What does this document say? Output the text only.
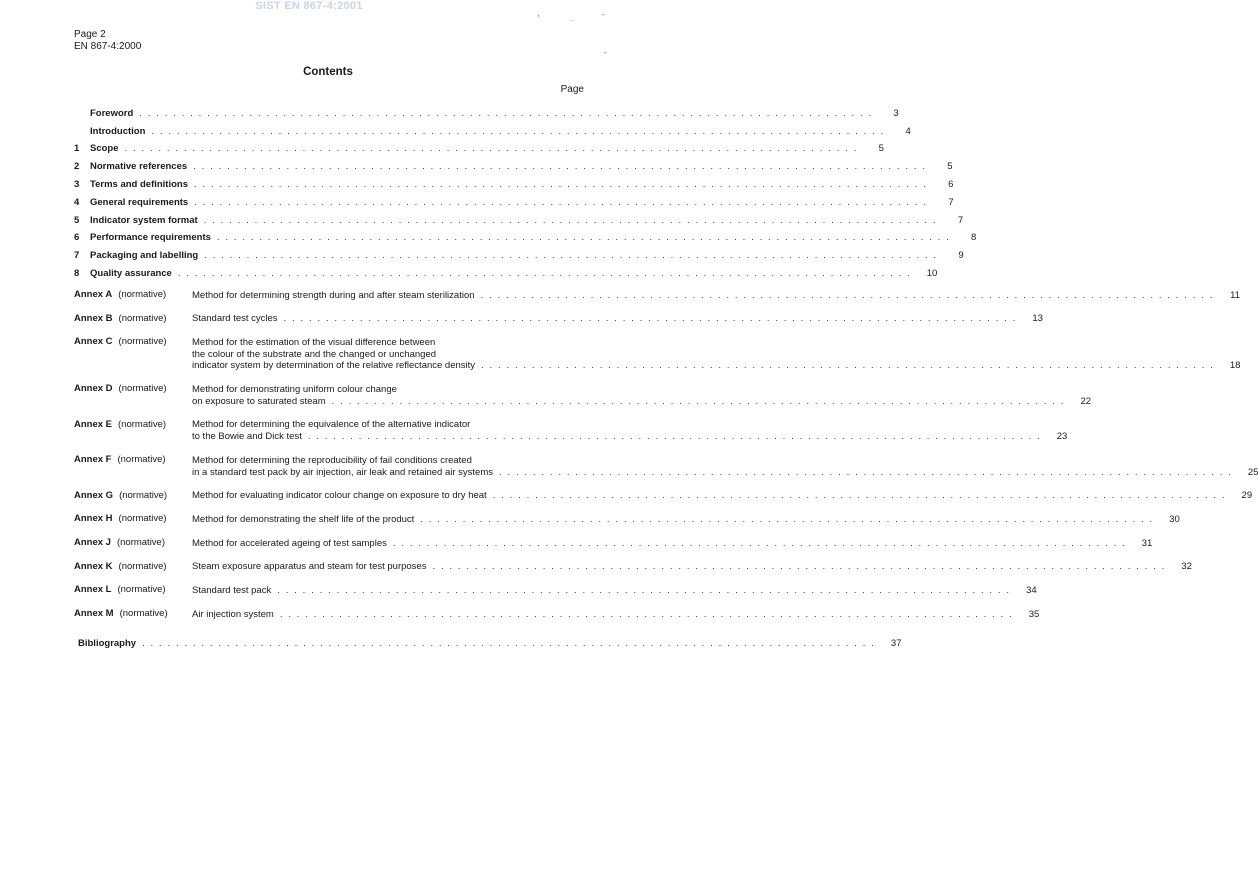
SIST EN 867-4:2001
'	.	-
-
Page 2
EN 867-4:2000
Contents
Page
Foreword . . . . . . . . . . . . . . . . . . . . . . . . . . . . . . . . . . . . . . . . . . . . . . . . . . . . . . . . . . . . . . . . . . . . . . . . . . . . . . . . . . . . . . .	3
Introduction . . . . . . . . . . . . . . . . . . . . . . . . . . . . . . . . . . . . . . . . . . . . . . . . . . . . . . . . . . . . . . . . . . . . . . . . . . . . . . . . . . . . . . .	4
1	Scope . . . . . . . . . . . . . . . . . . . . . . . . . . . . . . . . . . . . . . . . . . . . . . . . . . . . . . . . . . . . . . . . . . . . . . . . . . . . . . . . . . . . . . .	5
2	Normative references . . . . . . . . . . . . . . . . . . . . . . . . . . . . . . . . . . . . . . . . . . . . . . . . . . . . . . . . . . . . . . . . . . . . . . . . . . . . . . . . . . . . . . .	5
3	Terms and definitions . . . . . . . . . . . . . . . . . . . . . . . . . . . . . . . . . . . . . . . . . . . . . . . . . . . . . . . . . . . . . . . . . . . . . . . . . . . . . . . . . . . . . . .	6
4	General requirements . . . . . . . . . . . . . . . . . . . . . . . . . . . . . . . . . . . . . . . . . . . . . . . . . . . . . . . . . . . . . . . . . . . . . . . . . . . . . . . . . . . . . . .	7
5	Indicator system format . . . . . . . . . . . . . . . . . . . . . . . . . . . . . . . . . . . . . . . . . . . . . . . . . . . . . . . . . . . . . . . . . . . . . . . . . . . . . . . . . . . . . . .	7
6	Performance requirements . . . . . . . . . . . . . . . . . . . . . . . . . . . . . . . . . . . . . . . . . . . . . . . . . . . . . . . . . . . . . . . . . . . . . . . . . . . . . . . . . . . . . . .	8
7	Packaging and labelling . . . . . . . . . . . . . . . . . . . . . . . . . . . . . . . . . . . . . . . . . . . . . . . . . . . . . . . . . . . . . . . . . . . . . . . . . . . . . . . . . . . . . . .	9
8	Quality assurance . . . . . . . . . . . . . . . . . . . . . . . . . . . . . . . . . . . . . . . . . . . . . . . . . . . . . . . . . . . . . . . . . . . . . . . . . . . . . . . . . . . . . . .	10
Annex A (normative)	Method for determining strength during and after steam sterilization . . . . . . . . . . . . . . . . . . . . . . . . . . . . . . . . . . . . . . . . . . . . . . . . . . . . . . . . . . . . . . . . . . . . . . . . . . . . . . . . . . . . . . .	11
Annex B (normative)	Standard test cycles . . . . . . . . . . . . . . . . . . . . . . . . . . . . . . . . . . . . . . . . . . . . . . . . . . . . . . . . . . . . . . . . . . . . . . . . . . . . . . . . . . . . . . .	13
Annex C (normative)	Method for the estimation of the visual difference between
the colour of the substrate and the changed or unchanged
indicator system by determination of the relative reflectance density . . . . . . . . . . . . . . . . . . . . . . . . . . . . . . . . . . . . . . . . . . . . . . . . . . . . . . . . . . . . . . . . . . . . . . . . . . . . . . . . . . . . . . .	18
Annex D (normative)	Method for demonstrating uniform colour change
on exposure to saturated steam . . . . . . . . . . . . . . . . . . . . . . . . . . . . . . . . . . . . . . . . . . . . . . . . . . . . . . . . . . . . . . . . . . . . . . . . . . . . . . . . . . . . . . .	22
Annex E (normative)	Method for determining the equivalence of the alternative indicator
to the Bowie and Dick test . . . . . . . . . . . . . . . . . . . . . . . . . . . . . . . . . . . . . . . . . . . . . . . . . . . . . . . . . . . . . . . . . . . . . . . . . . . . . . . . . . . . . . .	23
Annex F (normative)	Method for determining the reproducibility of fail conditions created
in a standard test pack by air injection, air leak and retained air systems . . . . . . . . . . . . . . . . . . . . . . . . . . . . . . . . . . . . . . . . . . . . . . . . . . . . . . . . . . . . . . . . . . . . . . . . . . . . . . . . . . . . . . .	25
Annex G (normative)	Method for evaluating indicator colour change on exposure to dry heat . . . . . . . . . . . . . . . . . . . . . . . . . . . . . . . . . . . . . . . . . . . . . . . . . . . . . . . . . . . . . . . . . . . . . . . . . . . . . . . . . . . . . . .	29
Annex H (normative)	Method for demonstrating the shelf life of the product . . . . . . . . . . . . . . . . . . . . . . . . . . . . . . . . . . . . . . . . . . . . . . . . . . . . . . . . . . . . . . . . . . . . . . . . . . . . . . . . . . . . . . .	30
Annex J (normative)	Method for accelerated ageing of test samples . . . . . . . . . . . . . . . . . . . . . . . . . . . . . . . . . . . . . . . . . . . . . . . . . . . . . . . . . . . . . . . . . . . . . . . . . . . . . . . . . . . . . . .	31
Annex K (normative)	Steam exposure apparatus and steam for test purposes . . . . . . . . . . . . . . . . . . . . . . . . . . . . . . . . . . . . . . . . . . . . . . . . . . . . . . . . . . . . . . . . . . . . . . . . . . . . . . . . . . . . . . .	32
Annex L (normative)	Standard test pack . . . . . . . . . . . . . . . . . . . . . . . . . . . . . . . . . . . . . . . . . . . . . . . . . . . . . . . . . . . . . . . . . . . . . . . . . . . . . . . . . . . . . . .	34
Annex M (normative)	Air injection system . . . . . . . . . . . . . . . . . . . . . . . . . . . . . . . . . . . . . . . . . . . . . . . . . . . . . . . . . . . . . . . . . . . . . . . . . . . . . . . . . . . . . . .	35
Bibliography . . . . . . . . . . . . . . . . . . . . . . . . . . . . . . . . . . . . . . . . . . . . . . . . . . . . . . . . . . . . . . . . . . . . . . . . . . . . . . . . . . . . . . .	37
